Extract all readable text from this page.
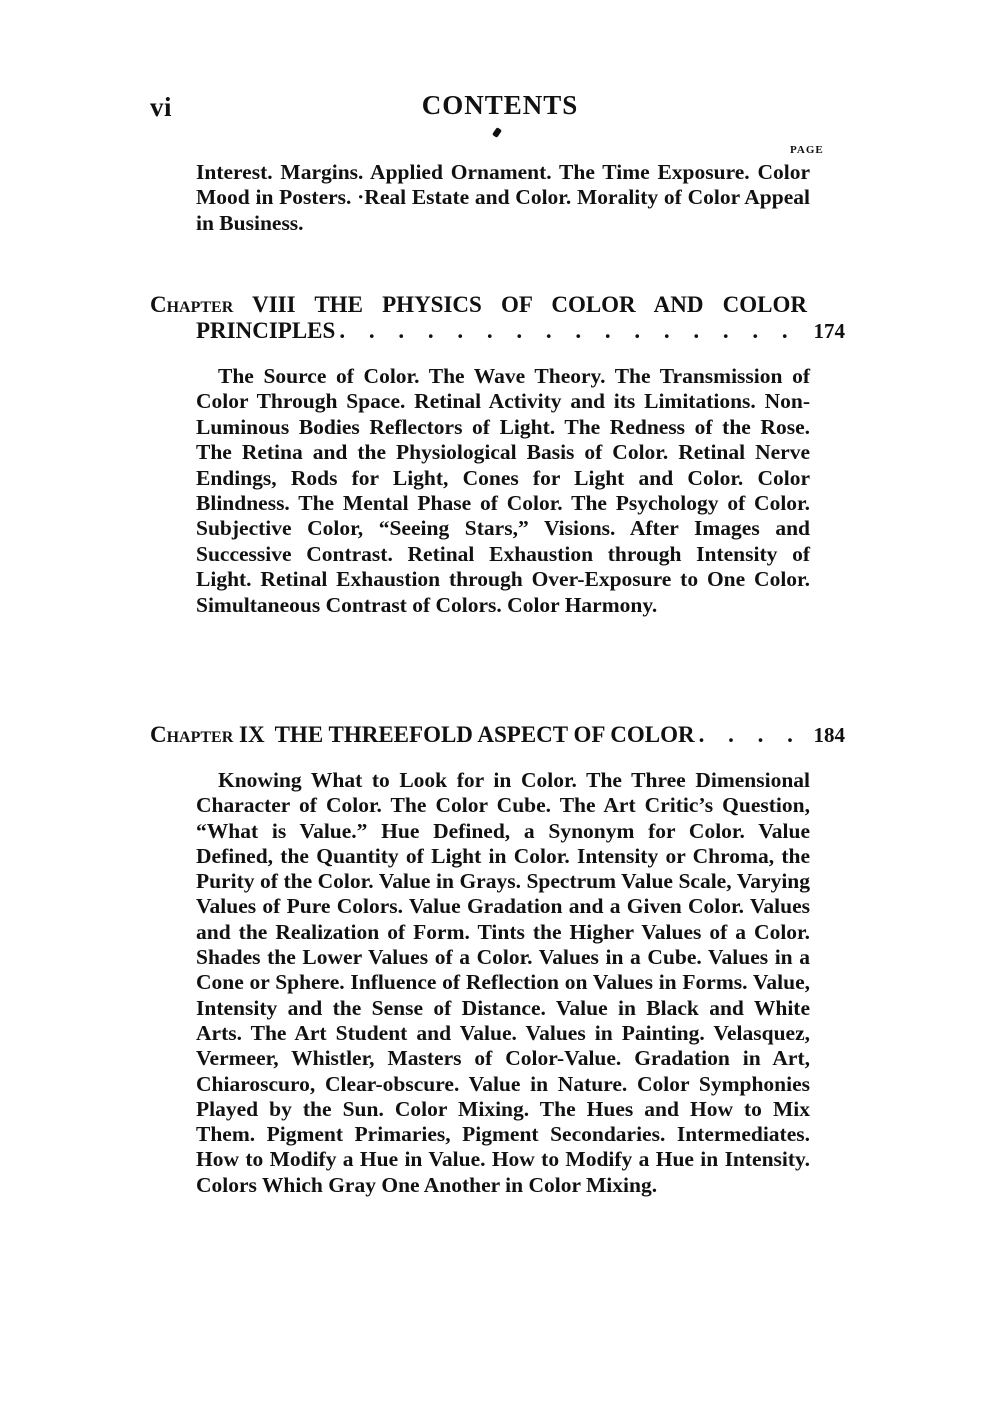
vi	CONTENTS
PAGE
Interest. Margins. Applied Ornament. The Time Exposure. Color Mood in Posters. ·Real Estate and Color. Morality of Color Appeal in Business.
Chapter VIII THE PHYSICS OF COLOR AND COLOR
PRINCIPLES . . .	174
The Source of Color. The Wave Theory. The Transmission of Color Through Space. Retinal Activity and its Limitations. Non-Luminous Bodies Reflectors of Light. The Redness of the Rose. The Retina and the Physiological Basis of Color. Retinal Nerve Endings, Rods for Light, Cones for Light and Color. Color Blindness. The Mental Phase of Color. The Psychology of Color. Subjective Color, “Seeing Stars,” Visions. After Images and Successive Contrast. Retinal Exhaustion through Intensity of Light. Retinal Exhaustion through Over-Exposure to One Color. Simultaneous Contrast of Colors. Color Harmony.
Chapter IX THE THREEFOLD ASPECT OF COLOR . . .	184
Knowing What to Look for in Color. The Three Dimensional Character of Color. The Color Cube. The Art Critic’s Question, “What is Value.” Hue Defined, a Synonym for Color. Value Defined, the Quantity of Light in Color. Intensity or Chroma, the Purity of the Color. Value in Grays. Spectrum Value Scale, Varying Values of Pure Colors. Value Gradation and a Given Color. Values and the Realization of Form. Tints the Higher Values of a Color. Shades the Lower Values of a Color. Values in a Cube. Values in a Cone or Sphere. Influence of Reflection on Values in Forms. Value, Intensity and the Sense of Distance. Value in Black and White Arts. The Art Student and Value. Values in Painting. Velasquez, Vermeer, Whistler, Masters of Color-Value. Gradation in Art, Chiaroscuro, Clear-obscure. Value in Nature. Color Symphonies Played by the Sun. Color Mixing. The Hues and How to Mix Them. Pigment Primaries, Pigment Secondaries. Intermediates. How to Modify a Hue in Value. How to Modify a Hue in Intensity. Colors Which Gray One Another in Color Mixing.
